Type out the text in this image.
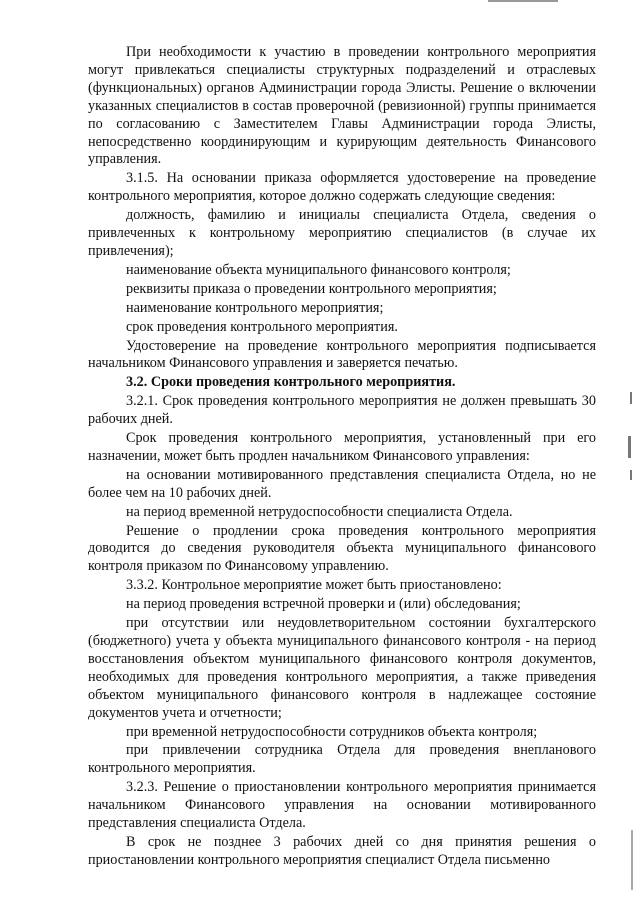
При необходимости к участию в проведении контрольного мероприятия могут привлекаться специалисты структурных подразделений и отраслевых (функциональных) органов Администрации города Элисты. Решение о включении указанных специалистов в состав проверочной (ревизионной) группы принимается по согласованию с Заместителем Главы Администрации города Элисты, непосредственно координирующим и курирующим деятельность Финансового управления.

3.1.5. На основании приказа оформляется удостоверение на проведение контрольного мероприятия, которое должно содержать следующие сведения:

должность, фамилию и инициалы специалиста Отдела, сведения о привлеченных к контрольному мероприятию специалистов (в случае их привлечения);

наименование объекта муниципального финансового контроля;

реквизиты приказа о проведении контрольного мероприятия;

наименование контрольного мероприятия;

срок проведения контрольного мероприятия.

Удостоверение на проведение контрольного мероприятия подписывается начальником Финансового управления и заверяется печатью.

3.2. Сроки проведения контрольного мероприятия.

3.2.1. Срок проведения контрольного мероприятия не должен превышать 30 рабочих дней.

Срок проведения контрольного мероприятия, установленный при его назначении, может быть продлен начальником Финансового управления:

на основании мотивированного представления специалиста Отдела, но не более чем на 10 рабочих дней.

на период временной нетрудоспособности специалиста Отдела.

Решение о продлении срока проведения контрольного мероприятия доводится до сведения руководителя объекта муниципального финансового контроля приказом по Финансовому управлению.

3.3.2. Контрольное мероприятие может быть приостановлено:

на период проведения встречной проверки и (или) обследования;

при отсутствии или неудовлетворительном состоянии бухгалтерского (бюджетного) учета у объекта муниципального финансового контроля - на период восстановления объектом муниципального финансового контроля документов, необходимых для проведения контрольного мероприятия, а также приведения объектом муниципального финансового контроля в надлежащее состояние документов учета и отчетности;

при временной нетрудоспособности сотрудников объекта контроля;

при привлечении сотрудника Отдела для проведения внепланового контрольного мероприятия.

3.2.3. Решение о приостановлении контрольного мероприятия принимается начальником Финансового управления на основании мотивированного представления специалиста Отдела.

В срок не позднее 3 рабочих дней со дня принятия решения о приостановлении контрольного мероприятия специалист Отдела письменно
